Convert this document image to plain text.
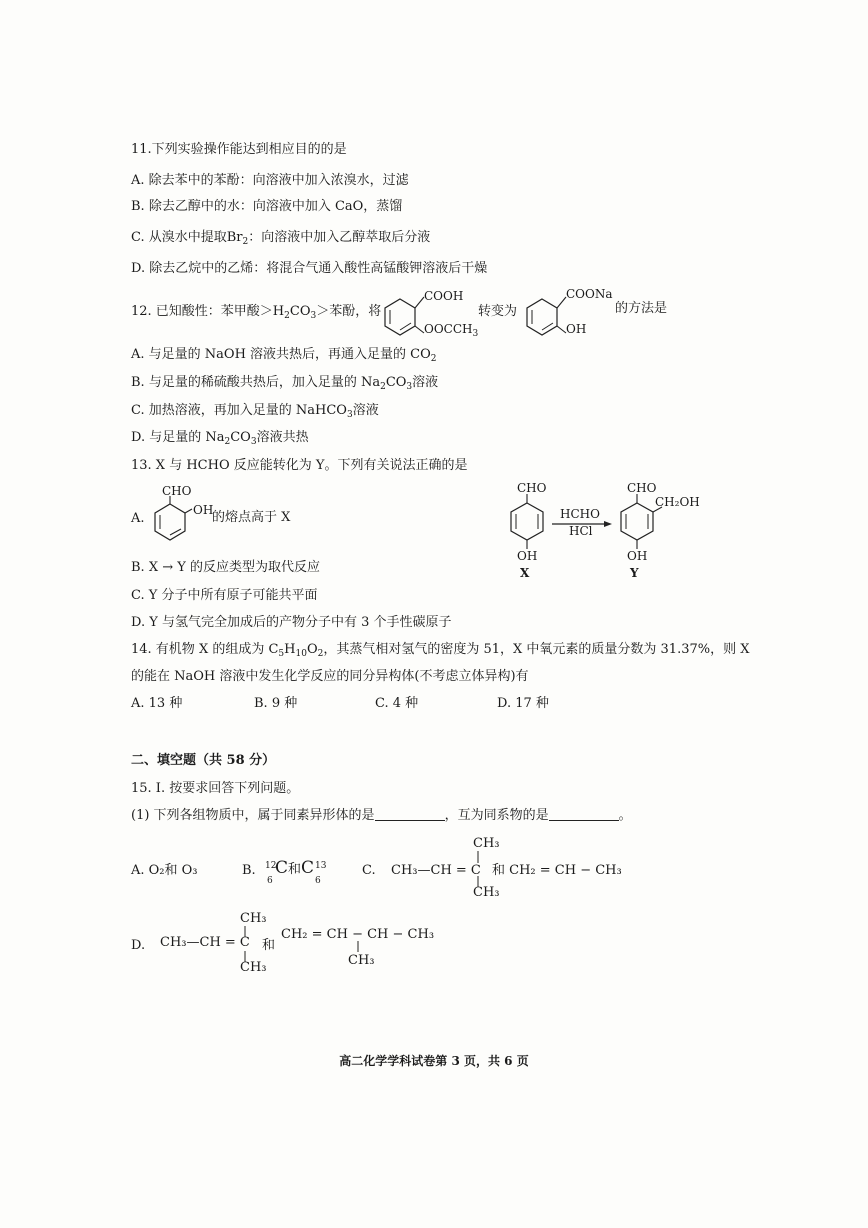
11.下列实验操作能达到相应目的的是
A. 除去苯中的苯酚：向溶液中加入浓溴水，过滤
B. 除去乙醇中的水：向溶液中加入 CaO，蒸馏
C. 从溴水中提取$Br_2$：向溶液中加入乙醇萃取后分液
D. 除去乙烷中的乙烯：将混合气通入酸性高锰酸钾溶液后干燥
12. 已知酸性：苯甲酸$>H_2CO_3>$苯酚，将
COOH
$OOCCH_3$
转变为
COONa
OH
的方法是
A. 与足量的 NaOH 溶液共热后，再通入足量的 $CO_2$
B. 与足量的稀硫酸共热后，加入足量的 $Na_2CO_3$溶液
C. 加热溶液，再加入足量的 NaHCO$_3$溶液
D. 与足量的 $Na_2CO_3$溶液共热
13. X 与 HCHO 反应能转化为 Y。下列有关说法正确的是
A.
CHO
OH
的熔点高于 X
CHO
OH
X
HCHO
HCl
CHO
CH₂OH
OH
Y
B. X → Y 的反应类型为取代反应
C. Y 分子中所有原子可能共平面
D. Y 与氢气完全加成后的产物分子中有 3 个手性碳原子
14. 有机物 X 的组成为 $C_5H_{10}O_2$，其蒸气相对氢气的密度为 51，X 中氧元素的质量分数为 31.37%，则 X
的能在 NaOH 溶液中发生化学反应的同分异构体(不考虑立体异构)有
A. 13 种	B. 9 种	C. 4 种	D. 17 种
二、填空题（共 58 分）
15. Ⅰ. 按要求回答下列问题。
(1) 下列各组物质中，属于同素异形体的是	，互为同系物的是	。
A. O₂和 O₃	B. 12
6
C和C 13
6
C.
CH₃
CH₃—CH = C
CH₃
和 CH₂ = CH − CH₃
D.
CH₃
CH₃—CH = C
CH₃
和
CH₂ = CH − CH − CH₃
CH₃
高二化学学科试卷第 3 页，共 6 页
